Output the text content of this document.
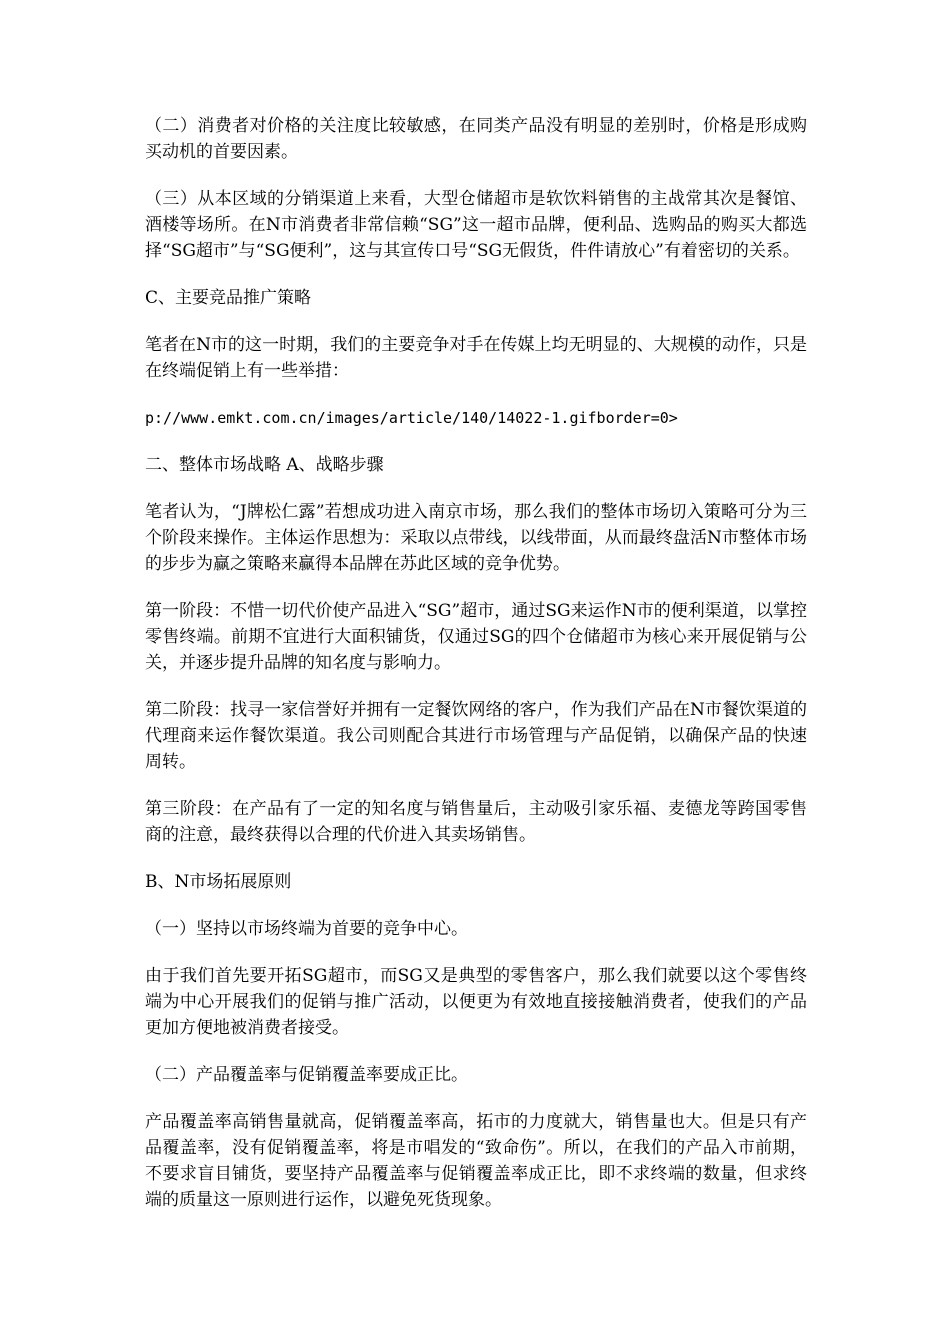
（二）消费者对价格的关注度比较敏感，在同类产品没有明显的差别时，价格是形成购买动机的首要因素。

（三）从本区域的分销渠道上来看，大型仓储超市是软饮料销售的主战常其次是餐馆、酒楼等场所。在N市消费者非常信赖“SG”这一超市品牌，便利品、选购品的购买大都选择“SG超市”与“SG便利”，这与其宣传口号“SG无假货，件件请放心”有着密切的关系。

C、主要竞品推广策略

笔者在N市的这一时期，我们的主要竞争对手在传媒上均无明显的、大规模的动作，只是在终端促销上有一些举措：

p://www.emkt.com.cn/images/article/140/14022-1.gifborder=0>

二、整体市场战略 A、战略步骤

笔者认为，“J牌松仁露”若想成功进入南京市场，那么我们的整体市场切入策略可分为三个阶段来操作。主体运作思想为：采取以点带线，以线带面，从而最终盘活N市整体市场的步步为赢之策略来赢得本品牌在苏此区域的竞争优势。

第一阶段：不惜一切代价使产品进入“SG”超市，通过SG来运作N市的便利渠道，以掌控零售终端。前期不宜进行大面积铺货，仅通过SG的四个仓储超市为核心来开展促销与公关，并逐步提升品牌的知名度与影响力。

第二阶段：找寻一家信誉好并拥有一定餐饮网络的客户，作为我们产品在N市餐饮渠道的代理商来运作餐饮渠道。我公司则配合其进行市场管理与产品促销，以确保产品的快速周转。

第三阶段：在产品有了一定的知名度与销售量后，主动吸引家乐福、麦德龙等跨国零售商的注意，最终获得以合理的代价进入其卖场销售。

B、N市场拓展原则

（一）坚持以市场终端为首要的竞争中心。

由于我们首先要开拓SG超市，而SG又是典型的零售客户，那么我们就要以这个零售终端为中心开展我们的促销与推广活动，以便更为有效地直接接触消费者，使我们的产品更加方便地被消费者接受。

（二）产品覆盖率与促销覆盖率要成正比。

产品覆盖率高销售量就高，促销覆盖率高，拓市的力度就大，销售量也大。但是只有产品覆盖率，没有促销覆盖率，将是市唱发的“致命伤”。所以，在我们的产品入市前期，不要求盲目铺货，要坚持产品覆盖率与促销覆盖率成正比，即不求终端的数量，但求终端的质量这一原则进行运作，以避免死货现象。
